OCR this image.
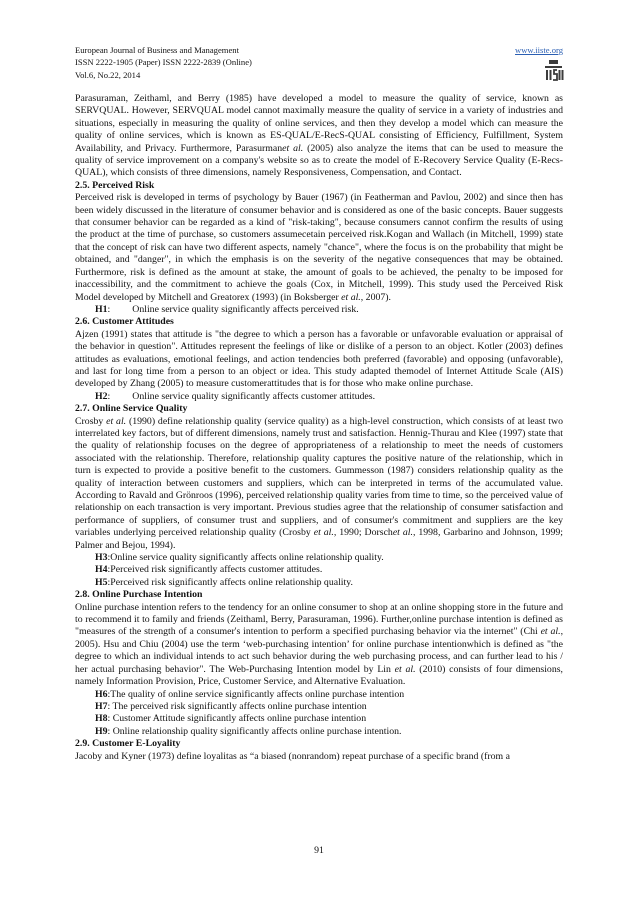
European Journal of Business and Management
ISSN 2222-1905 (Paper) ISSN 2222-2839 (Online)
Vol.6, No.22, 2014
www.iiste.org

Parasuraman, Zeithaml, and Berry (1985) have developed a model to measure the quality of service, known as SERVQUAL. However, SERVQUAL model cannot maximally measure the quality of service in a variety of industries and situations, especially in measuring the quality of online services, and then they develop a model which can measure the quality of online services, which is known as ES-QUAL/E-RecS-QUAL consisting of Efficiency, Fulfillment, System Availability, and Privacy. Furthermore, Parasurmanet al. (2005) also analyze the items that can be used to measure the quality of service improvement on a company's website so as to create the model of E-Recovery Service Quality (E-Recs-QUAL), which consists of three dimensions, namely Responsiveness, Compensation, and Contact.

2.5. Perceived Risk

Perceived risk is developed in terms of psychology by Bauer (1967) (in Featherman and Pavlou, 2002) and since then has been widely discussed in the literature of consumer behavior and is considered as one of the basic concepts. Bauer suggests that consumer behavior can be regarded as a kind of "risk-taking", because consumers cannot confirm the results of using the product at the time of purchase, so customers assumecetain perceived risk.Kogan and Wallach (in Mitchell, 1999) state that the concept of risk can have two different aspects, namely "chance", where the focus is on the probability that might be obtained, and "danger", in which the emphasis is on the severity of the negative consequences that may be obtained. Furthermore, risk is defined as the amount at stake, the amount of goals to be achieved, the penalty to be imposed for inaccessibility, and the commitment to achieve the goals (Cox, in Mitchell, 1999). This study used the Perceived Risk Model developed by Mitchell and Greatorex (1993) (in Boksberger et al., 2007).

H1: Online service quality significantly affects perceived risk.

2.6. Customer Attitudes

Ajzen (1991) states that attitude is "the degree to which a person has a favorable or unfavorable evaluation or appraisal of the behavior in question". Attitudes represent the feelings of like or dislike of a person to an object. Kotler (2003) defines attitudes as evaluations, emotional feelings, and action tendencies both preferred (favorable) and opposing (unfavorable), and last for long time from a person to an object or idea. This study adapted themodel of Internet Attitude Scale (AIS) developed by Zhang (2005) to measure customerattitudes that is for those who make online purchase.

H2: Online service quality significantly affects customer attitudes.

2.7. Online Service Quality

Crosby et al. (1990) define relationship quality (service quality) as a high-level construction, which consists of at least two interrelated key factors, but of different dimensions, namely trust and satisfaction. Hennig-Thurau and Klee (1997) state that the quality of relationship focuses on the degree of appropriateness of a relationship to meet the needs of customers associated with the relationship. Therefore, relationship quality captures the positive nature of the relationship, which in turn is expected to provide a positive benefit to the customers. Gummesson (1987) considers relationship quality as the quality of interaction between customers and suppliers, which can be interpreted in terms of the accumulated value. According to Ravald and Grönroos (1996), perceived relationship quality varies from time to time, so the perceived value of relationship on each transaction is very important. Previous studies agree that the relationship of consumer satisfaction and performance of suppliers, of consumer trust and suppliers, and of consumer's commitment and suppliers are the key variables underlying perceived relationship quality (Crosby et al., 1990; Dorschet al., 1998, Garbarino and Johnson, 1999; Palmer and Bejou, 1994).

H3:Online service quality significantly affects online relationship quality.

H4:Perceived risk significantly affects customer attitudes.

H5:Perceived risk significantly affects online relationship quality.

2.8. Online Purchase Intention

Online purchase intention refers to the tendency for an online consumer to shop at an online shopping store in the future and to recommend it to family and friends (Zeithaml, Berry, Parasuraman, 1996). Further,online purchase intention is defined as "measures of the strength of a consumer's intention to perform a specified purchasing behavior via the internet" (Chi et al., 2005). Hsu and Chiu (2004) use the term ‘web-purchasing intention’ for online purchase intentionwhich is defined as "the degree to which an individual intends to act such behavior during the web purchasing process, and can further lead to his / her actual purchasing behavior". The Web-Purchasing Intention model by Lin et al. (2010) consists of four dimensions, namely Information Provision, Price, Customer Service, and Alternative Evaluation.

H6:The quality of online service significantly affects online purchase intention

H7: The perceived risk significantly affects online purchase intention

H8: Customer Attitude significantly affects online purchase intention

H9: Online relationship quality significantly affects online purchase intention.

2.9. Customer E-Loyality

Jacoby and Kyner (1973) define loyalitas as “a biased (nonrandom) repeat purchase of a specific brand (from a

91
